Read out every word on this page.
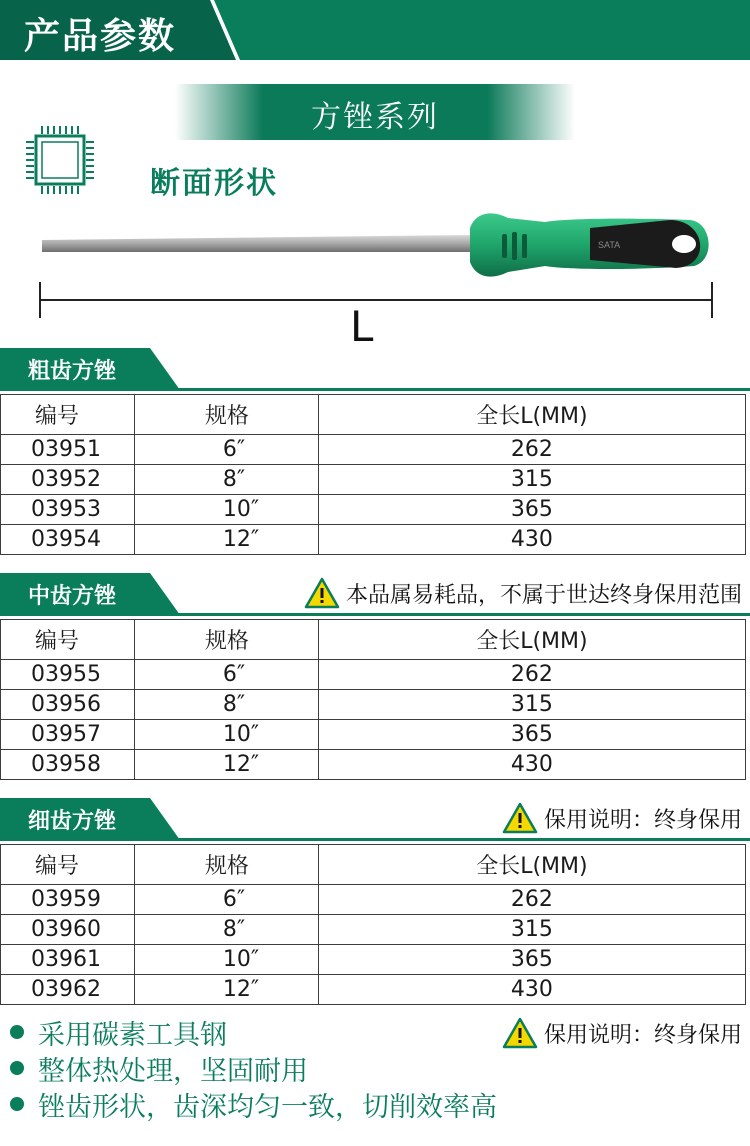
产品参数
方锉系列
断面形状
SATA
L
粗齿方锉
编号	规格	全长L(MM)
03951	6″	262
03952	8″	315
03953	10″	365
03954	12″	430
中齿方锉	本品属易耗品，不属于世达终身保用范围
编号	规格	全长L(MM)
03955	6″	262
03956	8″	315
03957	10″	365
03958	12″	430
细齿方锉	保用说明：终身保用
编号	规格	全长L(MM)
03959	6″	262
03960	8″	315
03961	10″	365
03962	12″	430
采用碳素工具钢
整体热处理，坚固耐用
锉齿形状，齿深均匀一致，切削效率高
保用说明：终身保用
